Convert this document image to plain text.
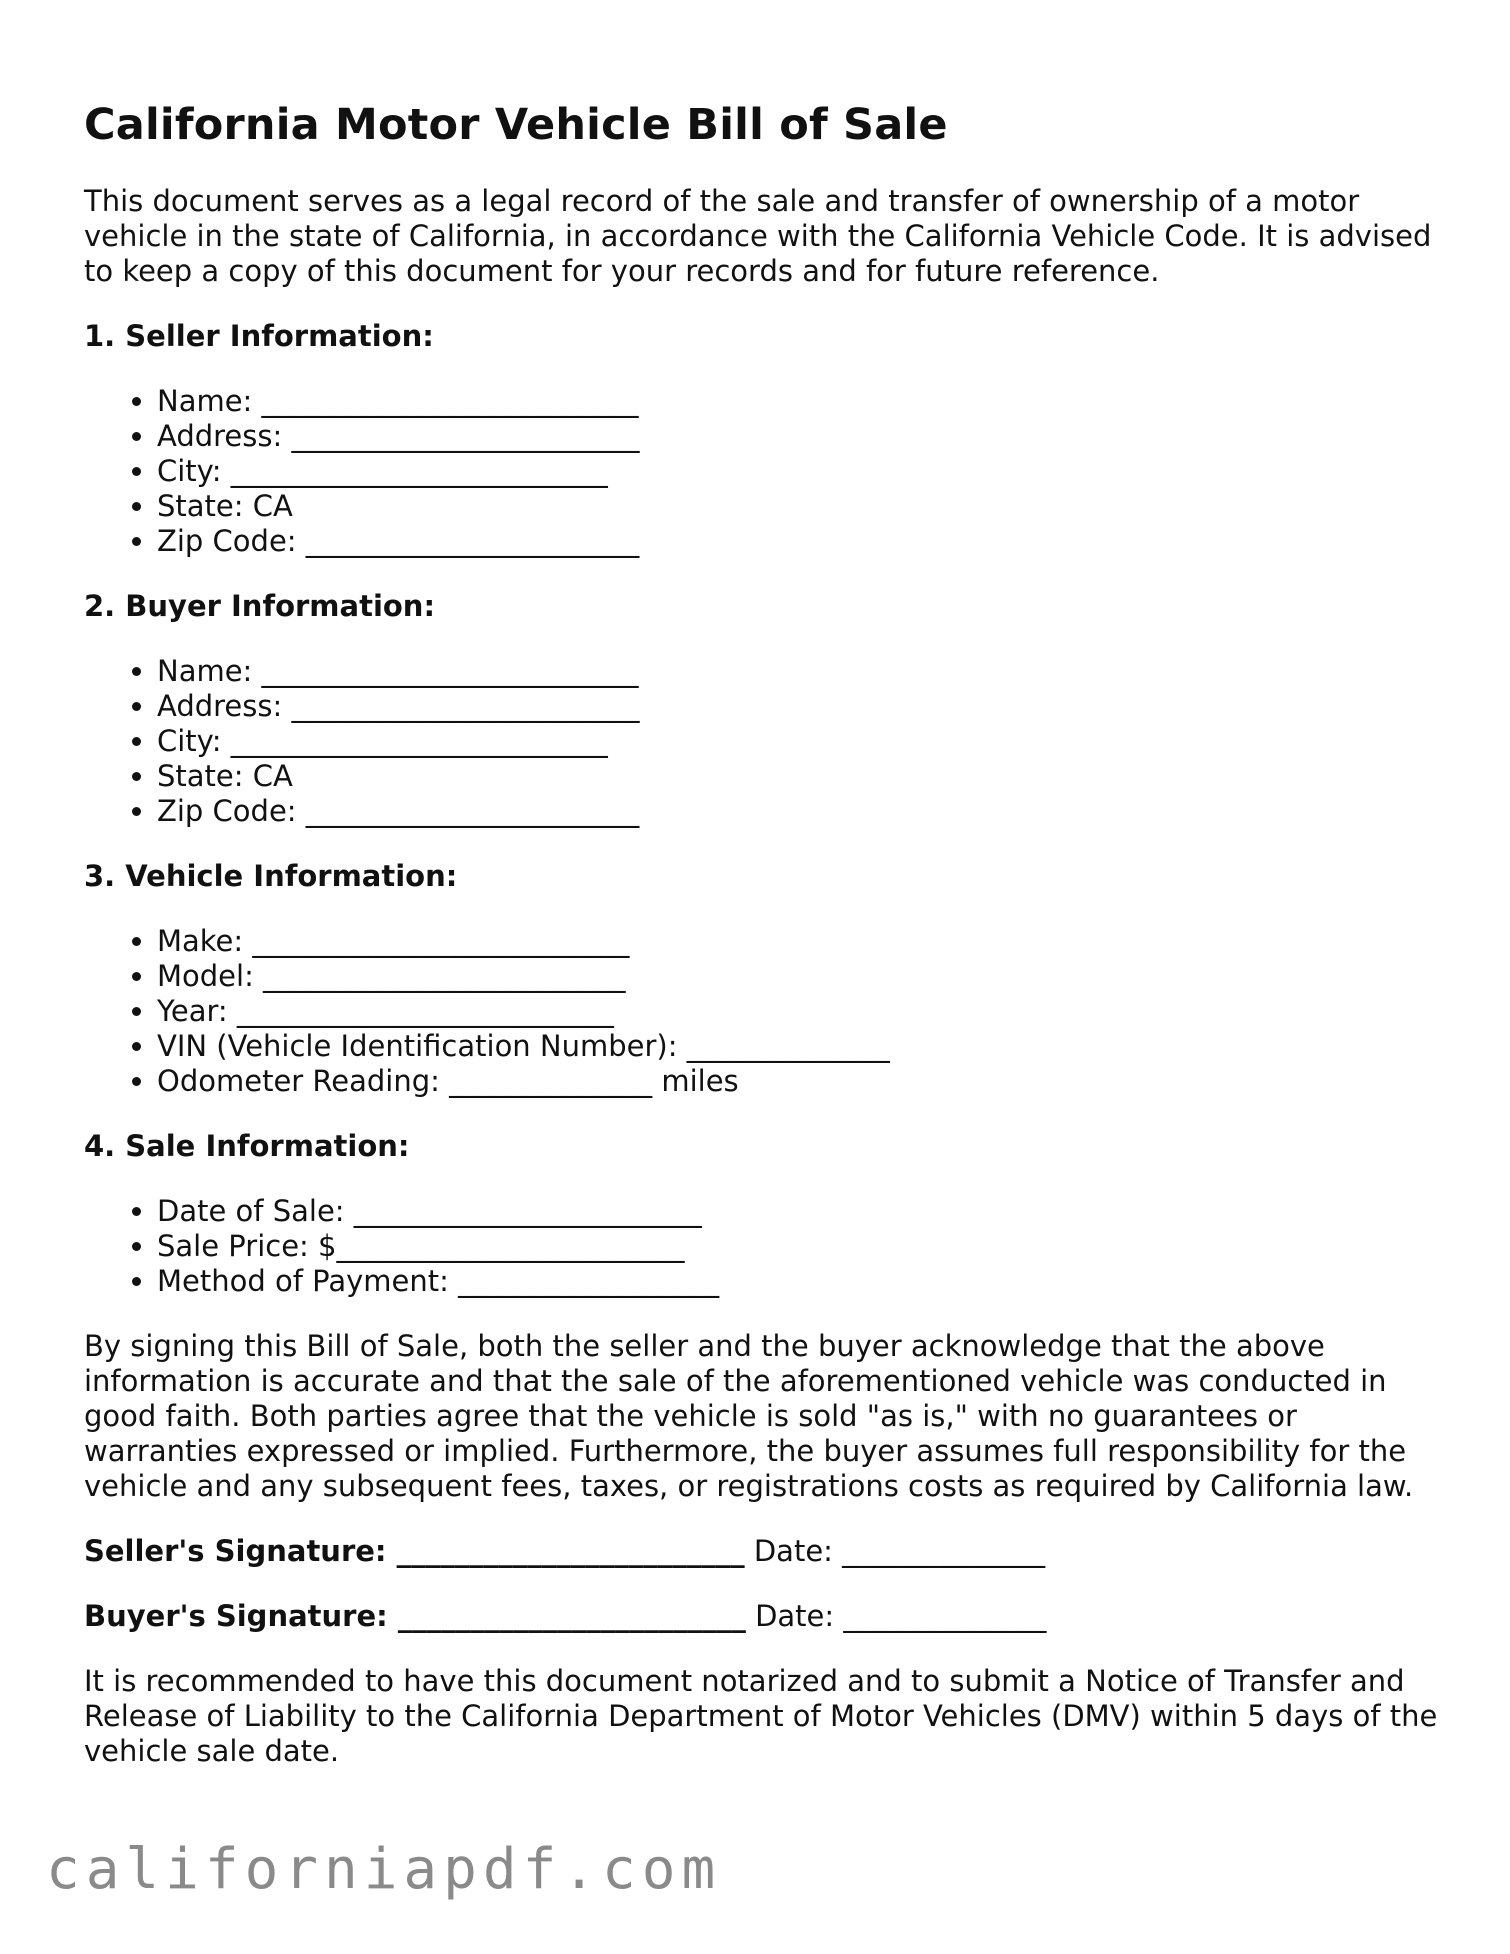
California Motor Vehicle Bill of Sale

This document serves as a legal record of the sale and transfer of ownership of a motor vehicle in the state of California, in accordance with the California Vehicle Code. It is advised to keep a copy of this document for your records and for future reference.

1. Seller Information:
• Name: __________________________
• Address: ________________________
• City: __________________________
• State: CA
• Zip Code: _______________________
2. Buyer Information:
• Name: __________________________
• Address: ________________________
• City: __________________________
• State: CA
• Zip Code: _______________________
3. Vehicle Information:
• Make: __________________________
• Model: _________________________
• Year: __________________________
• VIN (Vehicle Identification Number): ______________
• Odometer Reading: ______________ miles
4. Sale Information:
• Date of Sale: ________________________
• Sale Price: $________________________
• Method of Payment: __________________

By signing this Bill of Sale, both the seller and the buyer acknowledge that the above information is accurate and that the sale of the aforementioned vehicle was conducted in good faith. Both parties agree that the vehicle is sold "as is," with no guarantees or warranties expressed or implied. Furthermore, the buyer assumes full responsibility for the vehicle and any subsequent fees, taxes, or registrations costs as required by California law.

Seller's Signature: ________________________ Date: ______________
Buyer's Signature: ________________________ Date: ______________

It is recommended to have this document notarized and to submit a Notice of Transfer and Release of Liability to the California Department of Motor Vehicles (DMV) within 5 days of the vehicle sale date.

californiapdf.com
